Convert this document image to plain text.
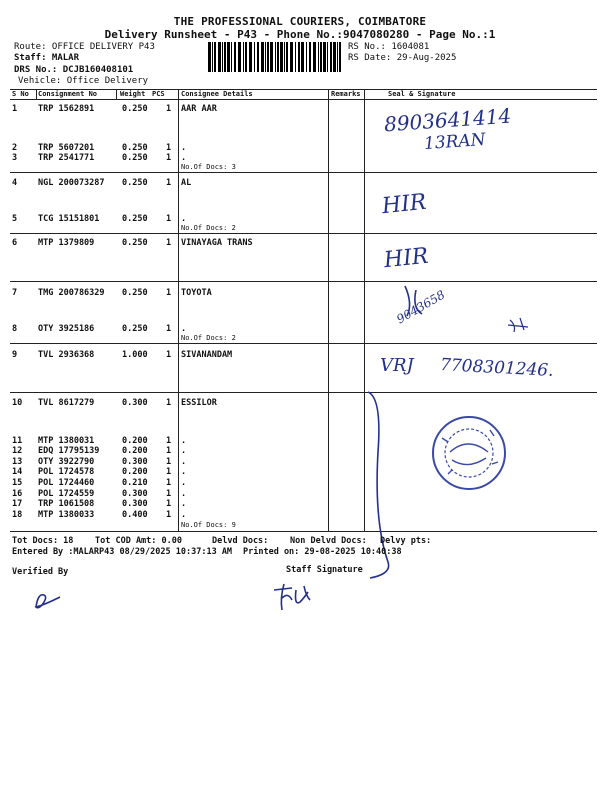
THE PROFESSIONAL COURIERS, COIMBATORE
Delivery Runsheet - P43 - Phone No.:9047080280 - Page No.:1
Route: OFFICE DELIVERY P43
Staff: MALAR
DRS No.: DCJB160408101
Vehicle: Office Delivery
RS No.: 1604081
RS Date: 29-Aug-2025
S No Consignment No	Weight PCS Consignee Details	Remarks	Seal & Signature
1 TRP 1562891	0.250 1 AAR AAR
2 TRP 5607201	0.250 1 .
3 TRP 2541771	0.250 1 .
4 NGL 200073287 0.250 1 AL
5 TCG 15151801	0.250 1 .
6 MTP 1379809	0.250 1 VINAYAGA TRANS
7 TMG 200786329 0.250 1 TOYOTA
8 OTY 3925186	0.250 1 .
9 TVL 2936368	1.000 1 SIVANANDAM
10 TVL 8617279	0.300 1 ESSILOR
11 MTP 1380031	0.200 1 .
12 EDQ 17795139	0.200 1 .
13 OTY 3922790	0.300 1 .
14 POL 1724578	0.200 1 .
15 POL 1724460	0.210 1 .
16 POL 1724559	0.300 1 .
17 TRP 1061508	0.300 1 .
18 MTP 1380033	0.400 1 .
No.Of Docs: 3
No.Of Docs: 2
No.Of Docs: 2
No.Of Docs: 9
8903641414
13RAN
HIR
HIR
9043658
VRJ 7708301246.
Tot Docs: 18	Tot COD Amt: 0.00	Delvd Docs:	Non Delvd Docs: Delvy pts:
Entered By :MALARP43 08/29/2025 10:37:13 AM Printed on: 29-08-2025 10:40:38
Verified By	Staff Signature
